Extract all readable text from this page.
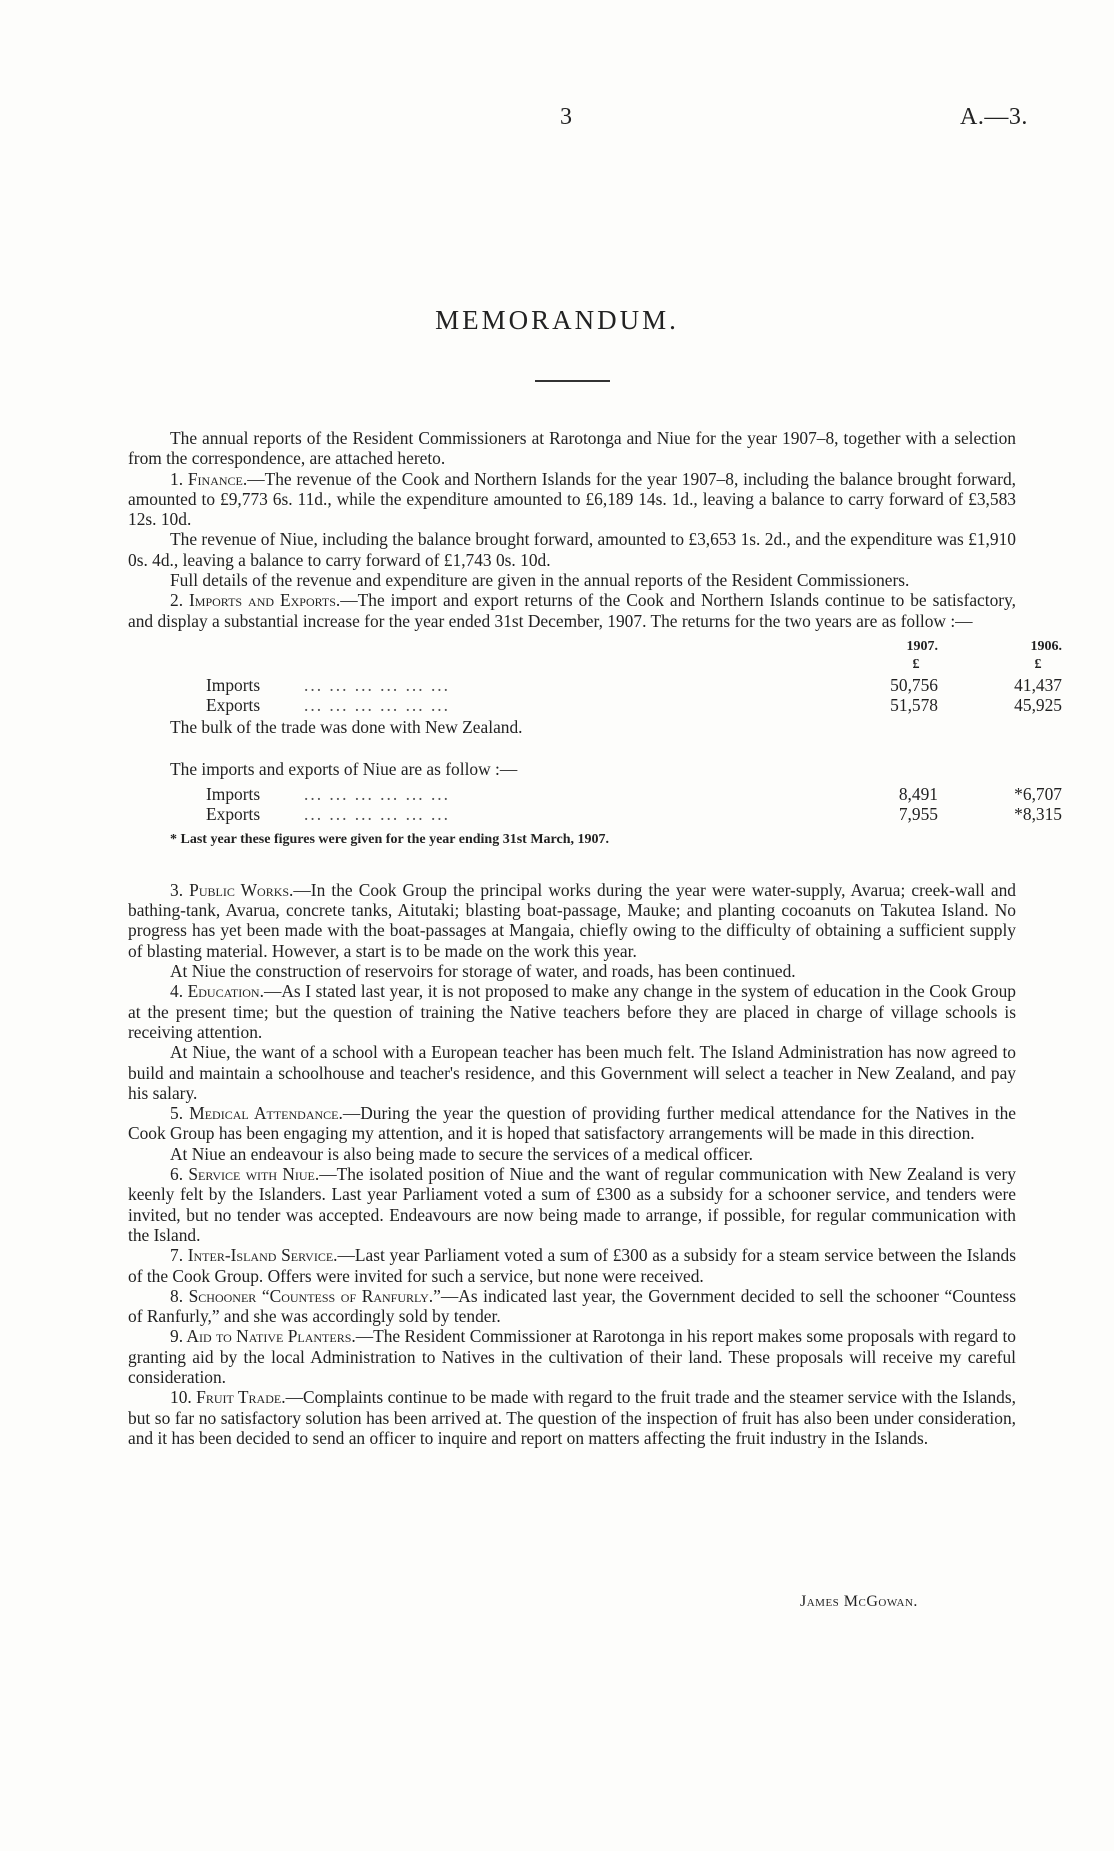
3	A.—3.
MEMORANDUM.

The annual reports of the Resident Commissioners at Rarotonga and Niue for the year 1907–8, together with a selection from the correspondence, are attached hereto.

1. Finance.—The revenue of the Cook and Northern Islands for the year 1907–8, including the balance brought forward, amounted to £9,773 6s. 11d., while the expenditure amounted to £6,189 14s. 1d., leaving a balance to carry forward of £3,583 12s. 10d.

The revenue of Niue, including the balance brought forward, amounted to £3,653 1s. 2d., and the expenditure was £1,910 0s. 4d., leaving a balance to carry forward of £1,743 0s. 10d.

Full details of the revenue and expenditure are given in the annual reports of the Resident Commissioners.

2. Imports and Exports.—The import and export returns of the Cook and Northern Islands continue to be satisfactory, and display a substantial increase for the year ended 31st December, 1907. The returns for the two years are as follow :—

1907.	1906.
£	£
Imports	... ... ... ... ... ...	50,756	41,437
Exports	... ... ... ... ... ...	51,578	45,925

The bulk of the trade was done with New Zealand.

The imports and exports of Niue are as follow :—

Imports	... ... ... ... ... ...	8,491	*6,707
Exports	... ... ... ... ... ...	7,955	*8,315

* Last year these figures were given for the year ending 31st March, 1907.

3. Public Works.—In the Cook Group the principal works during the year were water-supply, Avarua; creek-wall and bathing-tank, Avarua, concrete tanks, Aitutaki; blasting boat-passage, Mauke; and planting cocoanuts on Takutea Island. No progress has yet been made with the boat-passages at Mangaia, chiefly owing to the difficulty of obtaining a sufficient supply of blasting material. However, a start is to be made on the work this year.

At Niue the construction of reservoirs for storage of water, and roads, has been continued.

4. Education.—As I stated last year, it is not proposed to make any change in the system of education in the Cook Group at the present time; but the question of training the Native teachers before they are placed in charge of village schools is receiving attention.

At Niue, the want of a school with a European teacher has been much felt. The Island Administration has now agreed to build and maintain a schoolhouse and teacher's residence, and this Government will select a teacher in New Zealand, and pay his salary.

5. Medical Attendance.—During the year the question of providing further medical attendance for the Natives in the Cook Group has been engaging my attention, and it is hoped that satisfactory arrangements will be made in this direction.

At Niue an endeavour is also being made to secure the services of a medical officer.

6. Service with Niue.—The isolated position of Niue and the want of regular communication with New Zealand is very keenly felt by the Islanders. Last year Parliament voted a sum of £300 as a subsidy for a schooner service, and tenders were invited, but no tender was accepted. Endeavours are now being made to arrange, if possible, for regular communication with the Island.

7. Inter-Island Service.—Last year Parliament voted a sum of £300 as a subsidy for a steam service between the Islands of the Cook Group. Offers were invited for such a service, but none were received.

8. Schooner “Countess of Ranfurly.”—As indicated last year, the Government decided to sell the schooner “Countess of Ranfurly,” and she was accordingly sold by tender.

9. Aid to Native Planters.—The Resident Commissioner at Rarotonga in his report makes some proposals with regard to granting aid by the local Administration to Natives in the cultivation of their land. These proposals will receive my careful consideration.

10. Fruit Trade.—Complaints continue to be made with regard to the fruit trade and the steamer service with the Islands, but so far no satisfactory solution has been arrived at. The question of the inspection of fruit has also been under consideration, and it has been decided to send an officer to inquire and report on matters affecting the fruit industry in the Islands.

James McGowan.
